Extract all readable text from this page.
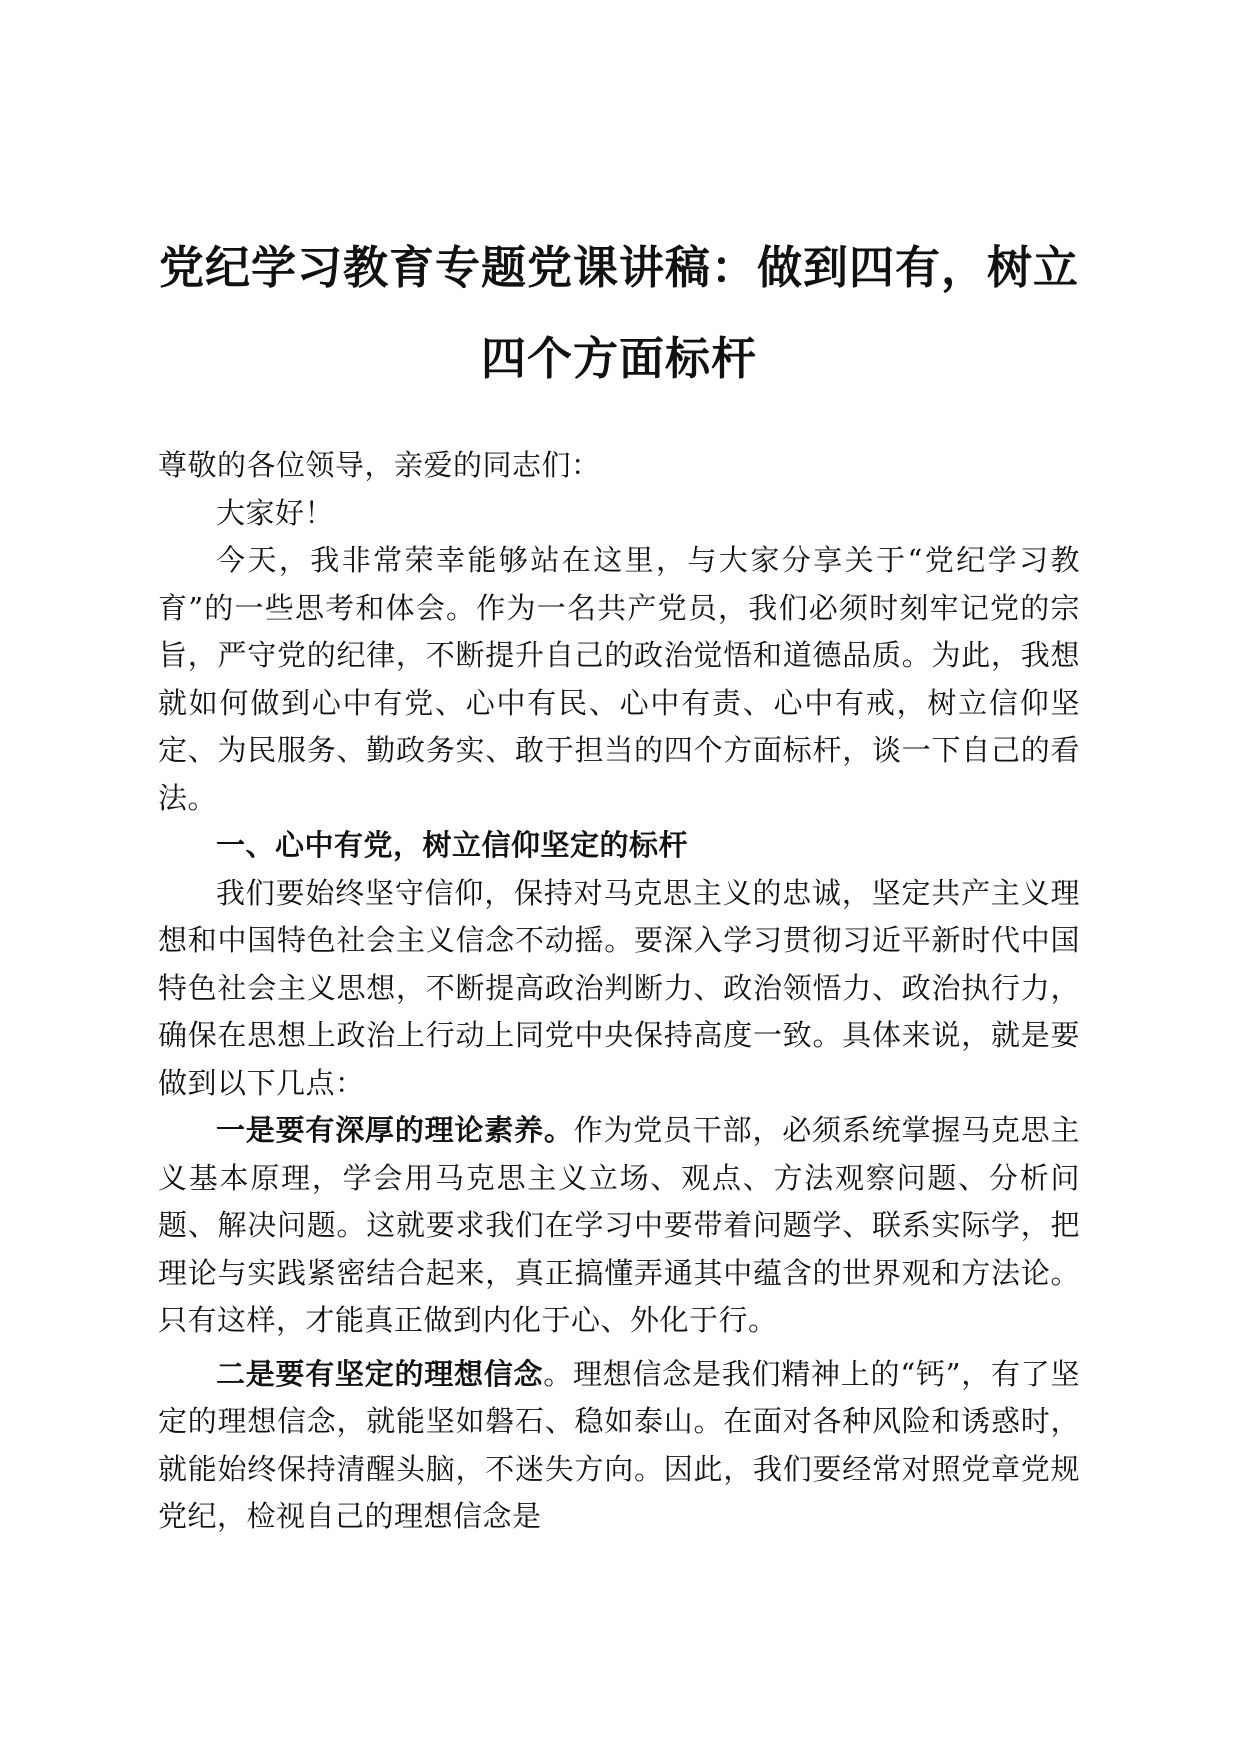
党纪学习教育专题党课讲稿：做到四有，树立
四个方面标杆

尊敬的各位领导，亲爱的同志们：

大家好！

今天，我非常荣幸能够站在这里，与大家分享关于“党纪学习教育”的一些思考和体会。作为一名共产党员，我们必须时刻牢记党的宗旨，严守党的纪律，不断提升自己的政治觉悟和道德品质。为此，我想就如何做到心中有党、心中有民、心中有责、心中有戒，树立信仰坚定、为民服务、勤政务实、敢于担当的四个方面标杆，谈一下自己的看法。

一、心中有党，树立信仰坚定的标杆

我们要始终坚守信仰，保持对马克思主义的忠诚，坚定共产主义理想和中国特色社会主义信念不动摇。要深入学习贯彻习近平新时代中国特色社会主义思想，不断提高政治判断力、政治领悟力、政治执行力，确保在思想上政治上行动上同党中央保持高度一致。具体来说，就是要做到以下几点：

一是要有深厚的理论素养。作为党员干部，必须系统掌握马克思主义基本原理，学会用马克思主义立场、观点、方法观察问题、分析问题、解决问题。这就要求我们在学习中要带着问题学、联系实际学，把理论与实践紧密结合起来，真正搞懂弄通其中蕴含的世界观和方法论。只有这样，才能真正做到内化于心、外化于行。

二是要有坚定的理想信念。理想信念是我们精神上的“钙”，有了坚定的理想信念，就能坚如磐石、稳如泰山。在面对各种风险和诱惑时，就能始终保持清醒头脑，不迷失方向。因此，我们要经常对照党章党规党纪，检视自己的理想信念是
